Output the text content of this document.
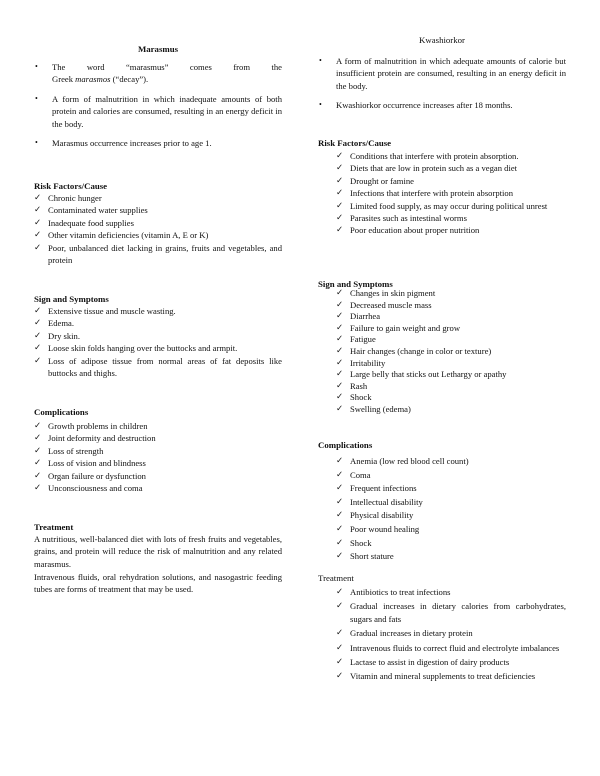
Marasmus
• The word “marasmus” comes from the
Greek marasmos (“decay”).
• A form of malnutrition in which inadequate amounts of both protein and calories are consumed, resulting in an energy deficit in the body.
• Marasmus occurrence increases prior to age 1.
Risk Factors/Cause
✓ Chronic hunger
✓ Contaminated water supplies
✓ Inadequate food supplies
✓ Other vitamin deficiencies (vitamin A, E or K)
✓ Poor, unbalanced diet lacking in grains, fruits and vegetables, and protein
Sign and Symptoms
✓ Extensive tissue and muscle wasting.
✓ Edema.
✓ Dry skin.
✓ Loose skin folds hanging over the buttocks and armpit.
✓ Loss of adipose tissue from normal areas of fat deposits like buttocks and thighs.
Complications
✓ Growth problems in children
✓ Joint deformity and destruction
✓ Loss of strength
✓ Loss of vision and blindness
✓ Organ failure or dysfunction
✓ Unconsciousness and coma
Treatment
A nutritious, well-balanced diet with lots of fresh fruits and vegetables, grains, and protein will reduce the risk of malnutrition and any related marasmus.
Intravenous fluids, oral rehydration solutions, and nasogastric feeding tubes are forms of treatment that may be used.
Kwashiorkor
• A form of malnutrition in which adequate amounts of calorie but insufficient protein are consumed, resulting in an energy deficit in the body.
• Kwashiorkor occurrence increases after 18 months.
Risk Factors/Cause
✓ Conditions that interfere with protein absorption.
✓ Diets that are low in protein such as a vegan diet
✓ Drought or famine
✓ Infections that interfere with protein absorption
✓ Limited food supply, as may occur during political unrest
✓ Parasites such as intestinal worms
✓ Poor education about proper nutrition
Sign and Symptoms
✓ Changes in skin pigment
✓ Decreased muscle mass
✓ Diarrhea
✓ Failure to gain weight and grow
✓ Fatigue
✓ Hair changes (change in color or texture)
✓ Irritability
✓ Large belly that sticks out Lethargy or apathy
✓ Rash
✓ Shock
✓ Swelling (edema)
Complications
✓ Anemia (low red blood cell count)
✓ Coma
✓ Frequent infections
✓ Intellectual disability
✓ Physical disability
✓ Poor wound healing
✓ Shock
✓ Short stature
Treatment
✓ Antibiotics to treat infections
✓ Gradual increases in dietary calories from carbohydrates, sugars and fats
✓ Gradual increases in dietary protein
✓ Intravenous fluids to correct fluid and electrolyte imbalances
✓ Lactase to assist in digestion of dairy products
✓ Vitamin and mineral supplements to treat deficiencies
